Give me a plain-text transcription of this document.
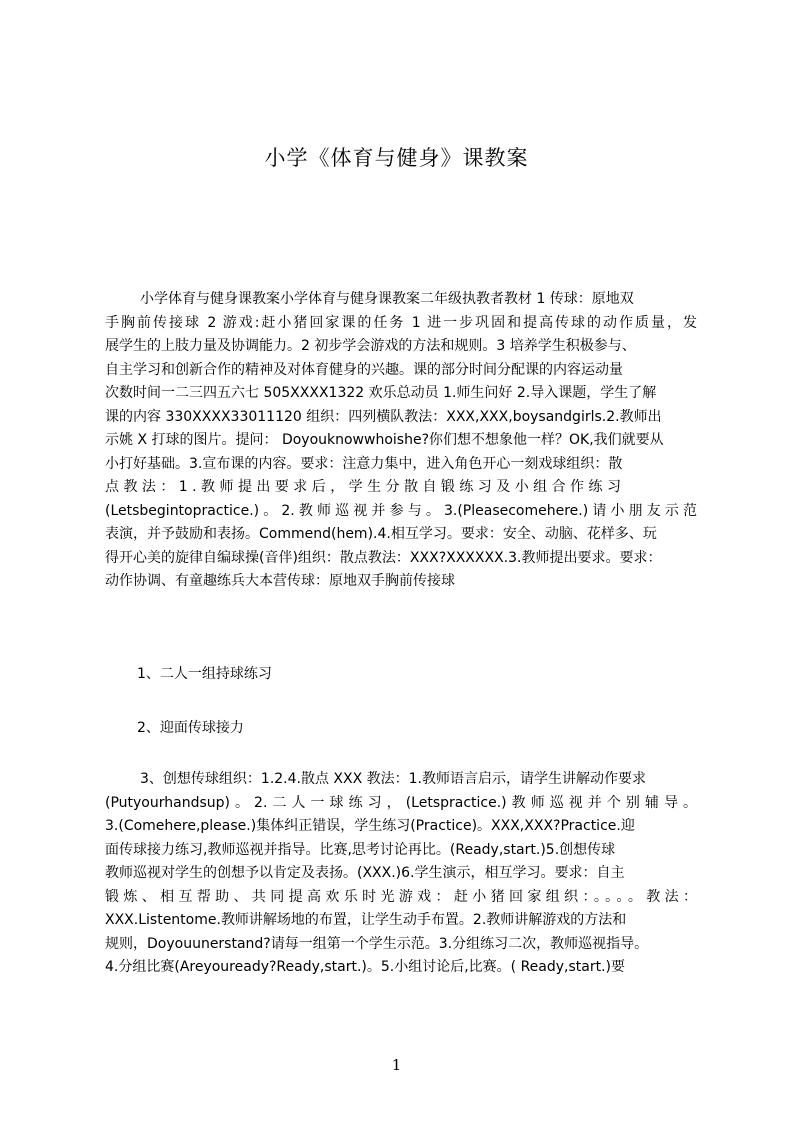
小学《体育与健身》课教案
小学体育与健身课教案小学体育与健身课教案二年级执教者教材 1 传球：原地双
手胸前传接球 2 游戏:赶小猪回家课的任务 1 进一步巩固和提高传球的动作质量，发
展学生的上肢力量及协调能力。2 初步学会游戏的方法和规则。3 培养学生积极参与、
自主学习和创新合作的精神及对体育健身的兴趣。课的部分时间分配课的内容运动量
次数时间一二三四五六七 505XXXX1322 欢乐总动员 1.师生问好 2.导入课题，学生了解
课的内容 330XXXX33011120 组织：四列横队教法：XXX,XXX,boysandgirls.2.教师出
示姚 X 打球的图片。提问： Doyouknowwhoishe?你们想不想象他一样？OK,我们就要从
小打好基础。3.宣布课的内容。要求：注意力集中，进入角色开心一刻戏球组织：散
点 教 法 ： 1 . 教 师 提 出 要 求 后 ， 学 生 分 散 自 锻 练 习 及 小 组 合 作 练 习
(Letsbegintopractice.)。2.教师巡视并参与。3.(Pleasecomehere.)请小朋友示范
表演，并予鼓励和表扬。Commend(hem).4.相互学习。要求：安全、动脑、花样多、玩
得开心美的旋律自编球操(音伴)组织：散点教法：XXX?XXXXXX.3.教师提出要求。要求：
动作协调、有童趣练兵大本营传球：原地双手胸前传接球
1、二人一组持球练习
2、迎面传球接力
3、创想传球组织：1.2.4.散点 XXX 教法：1.教师语言启示，请学生讲解动作要求
(Putyourhandsup)。2.二人一球练习，(Letspractice.)教师巡视并个别辅导。
3.(Comehere,please.)集体纠正错误，学生练习(Practice)。XXX,XXX?Practice.迎
面传球接力练习,教师巡视并指导。比赛,思考讨论再比。(Ready,start.)5.创想传球
教师巡视对学生的创想予以肯定及表扬。(XXX.)6.学生演示，相互学习。要求：自主
锻炼、相互帮助、共同提高欢乐时光游戏：赶小猪回家组织：。。。。教法：
XXX.Listentome.教师讲解场地的布置，让学生动手布置。2.教师讲解游戏的方法和
规则，Doyouunerstand?请每一组第一个学生示范。3.分组练习二次，教师巡视指导。
4.分组比赛(Areyouready?Ready,start.)。5.小组讨论后,比赛。( Ready,start.)要
1
